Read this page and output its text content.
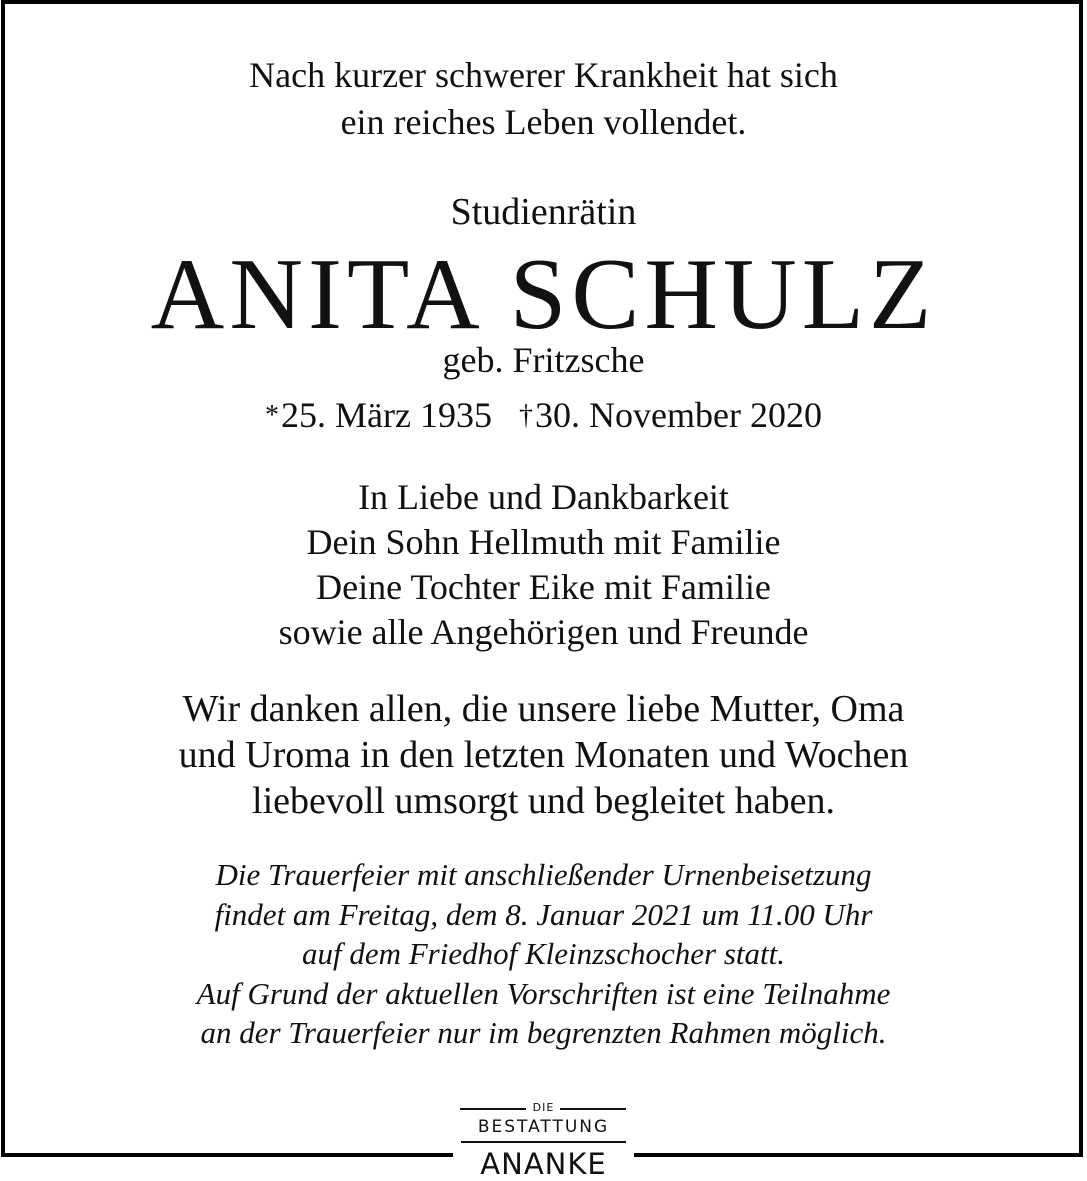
Nach kurzer schwerer Krankheit hat sich
ein reiches Leben vollendet.
Studienrätin
ANITA SCHULZ
geb. Fritzsche
*25. März 1935 †30. November 2020
In Liebe und Dankbarkeit
Dein Sohn Hellmuth mit Familie
Deine Tochter Eike mit Familie
sowie alle Angehörigen und Freunde
Wir danken allen, die unsere liebe Mutter, Oma
und Uroma in den letzten Monaten und Wochen
liebevoll umsorgt und begleitet haben.
Die Trauerfeier mit anschließender Urnenbeisetzung
findet am Freitag, dem 8. Januar 2021 um 11.00 Uhr
auf dem Friedhof Kleinzschocher statt.
Auf Grund der aktuellen Vorschriften ist eine Teilnahme
an der Trauerfeier nur im begrenzten Rahmen möglich.
DIE
BESTATTUNG
ANANKE
